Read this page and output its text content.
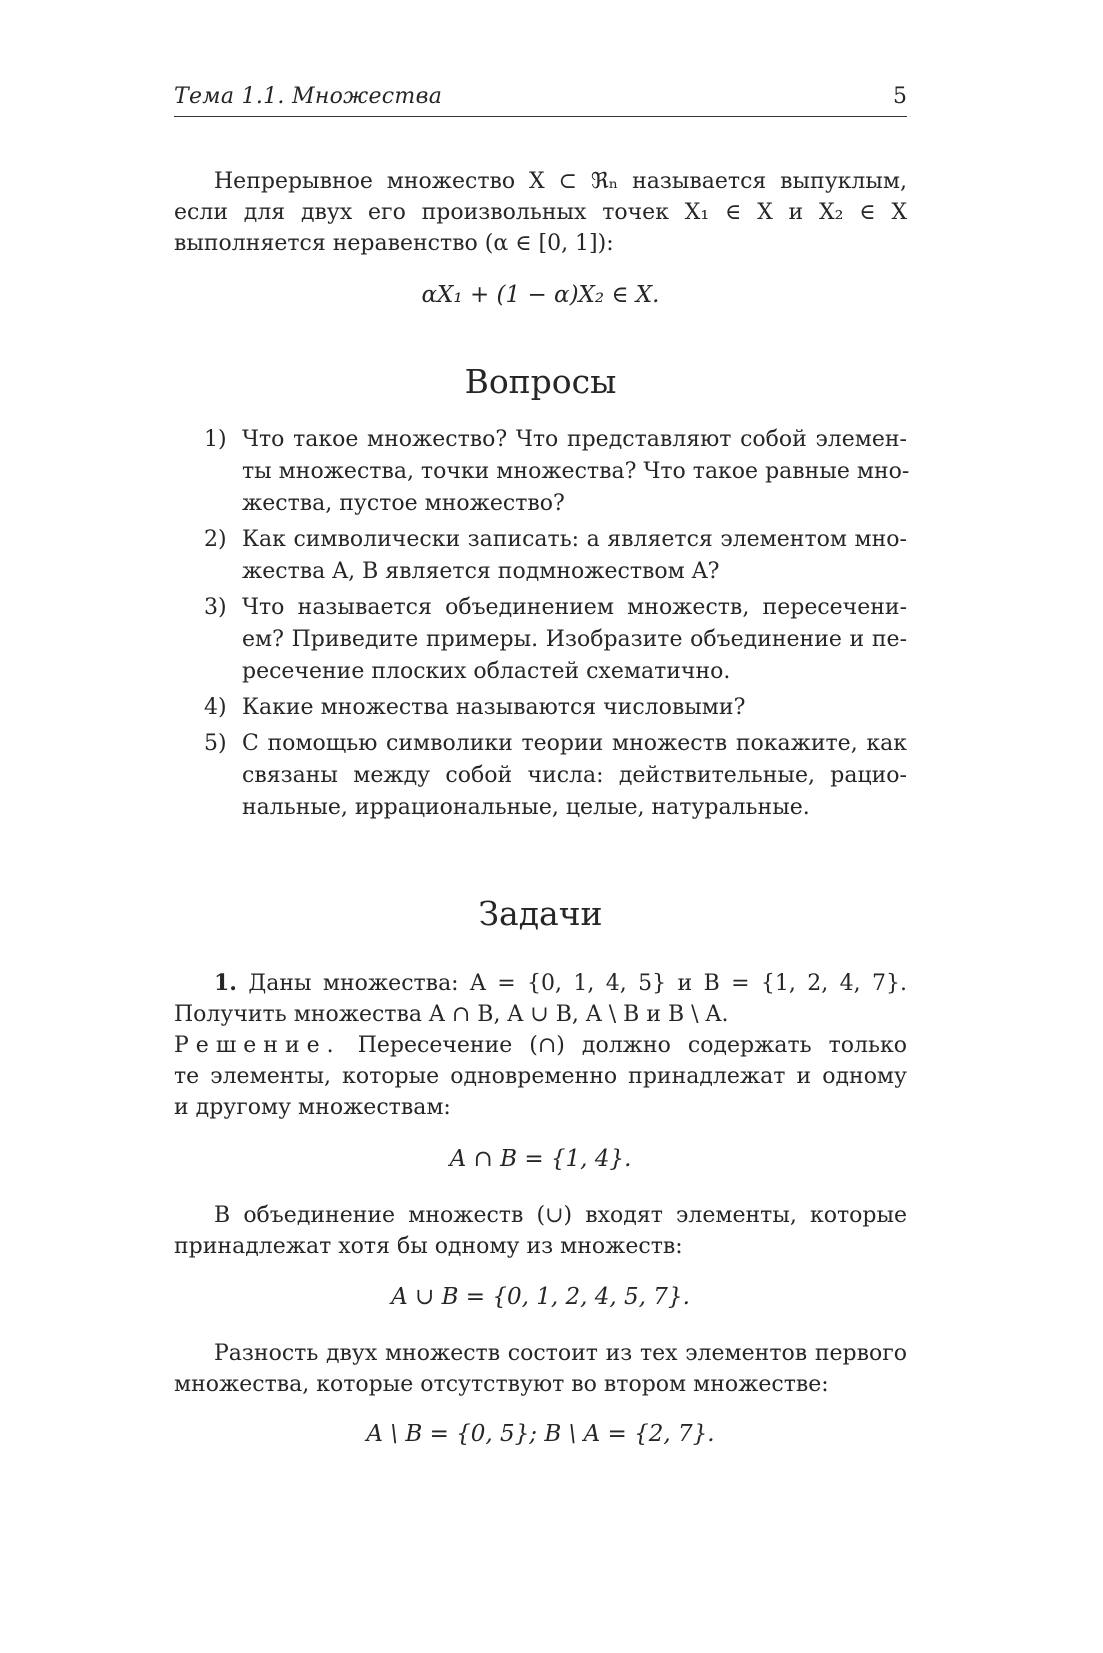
Тема 1.1. Множества	5

Непрерывное множество X ⊂ ℜₙ называется выпуклым,
если для двух его произвольных точек X₁ ∈ X и X₂ ∈ X
выполняется неравенство (α ∈ [0, 1]):

αX₁ + (1 − α)X₂ ∈ X.
Вопросы
1) Что такое множество? Что представляют собой элемен-
ты множества, точки множества? Что такое равные мно-
жества, пустое множество?
2) Как символически записать: a является элементом мно-
жества A, B является подмножеством A?
3) Что называется объединением множеств, пересечени-
ем? Приведите примеры. Изобразите объединение и пе-
ресечение плоских областей схематично.
4) Какие множества называются числовыми?
5) С помощью символики теории множеств покажите, как
связаны между собой числа: действительные, рацио-
нальные, иррациональные, целые, натуральные.
Задачи

1. Даны множества: A = {0, 1, 4, 5} и B = {1, 2, 4, 7}.
Получить множества A ∩ B, A ∪ B, A \ B и B \ A.

Решение. Пересечение (∩) должно содержать только
те элементы, которые одновременно принадлежат и одному
и другому множествам:

A ∩ B = {1, 4}.

В объединение множеств (∪) входят элементы, которые
принадлежат хотя бы одному из множеств:

A ∪ B = {0, 1, 2, 4, 5, 7}.

Разность двух множеств состоит из тех элементов первого
множества, которые отсутствуют во втором множестве:

A \ B = {0, 5}; B \ A = {2, 7}.
